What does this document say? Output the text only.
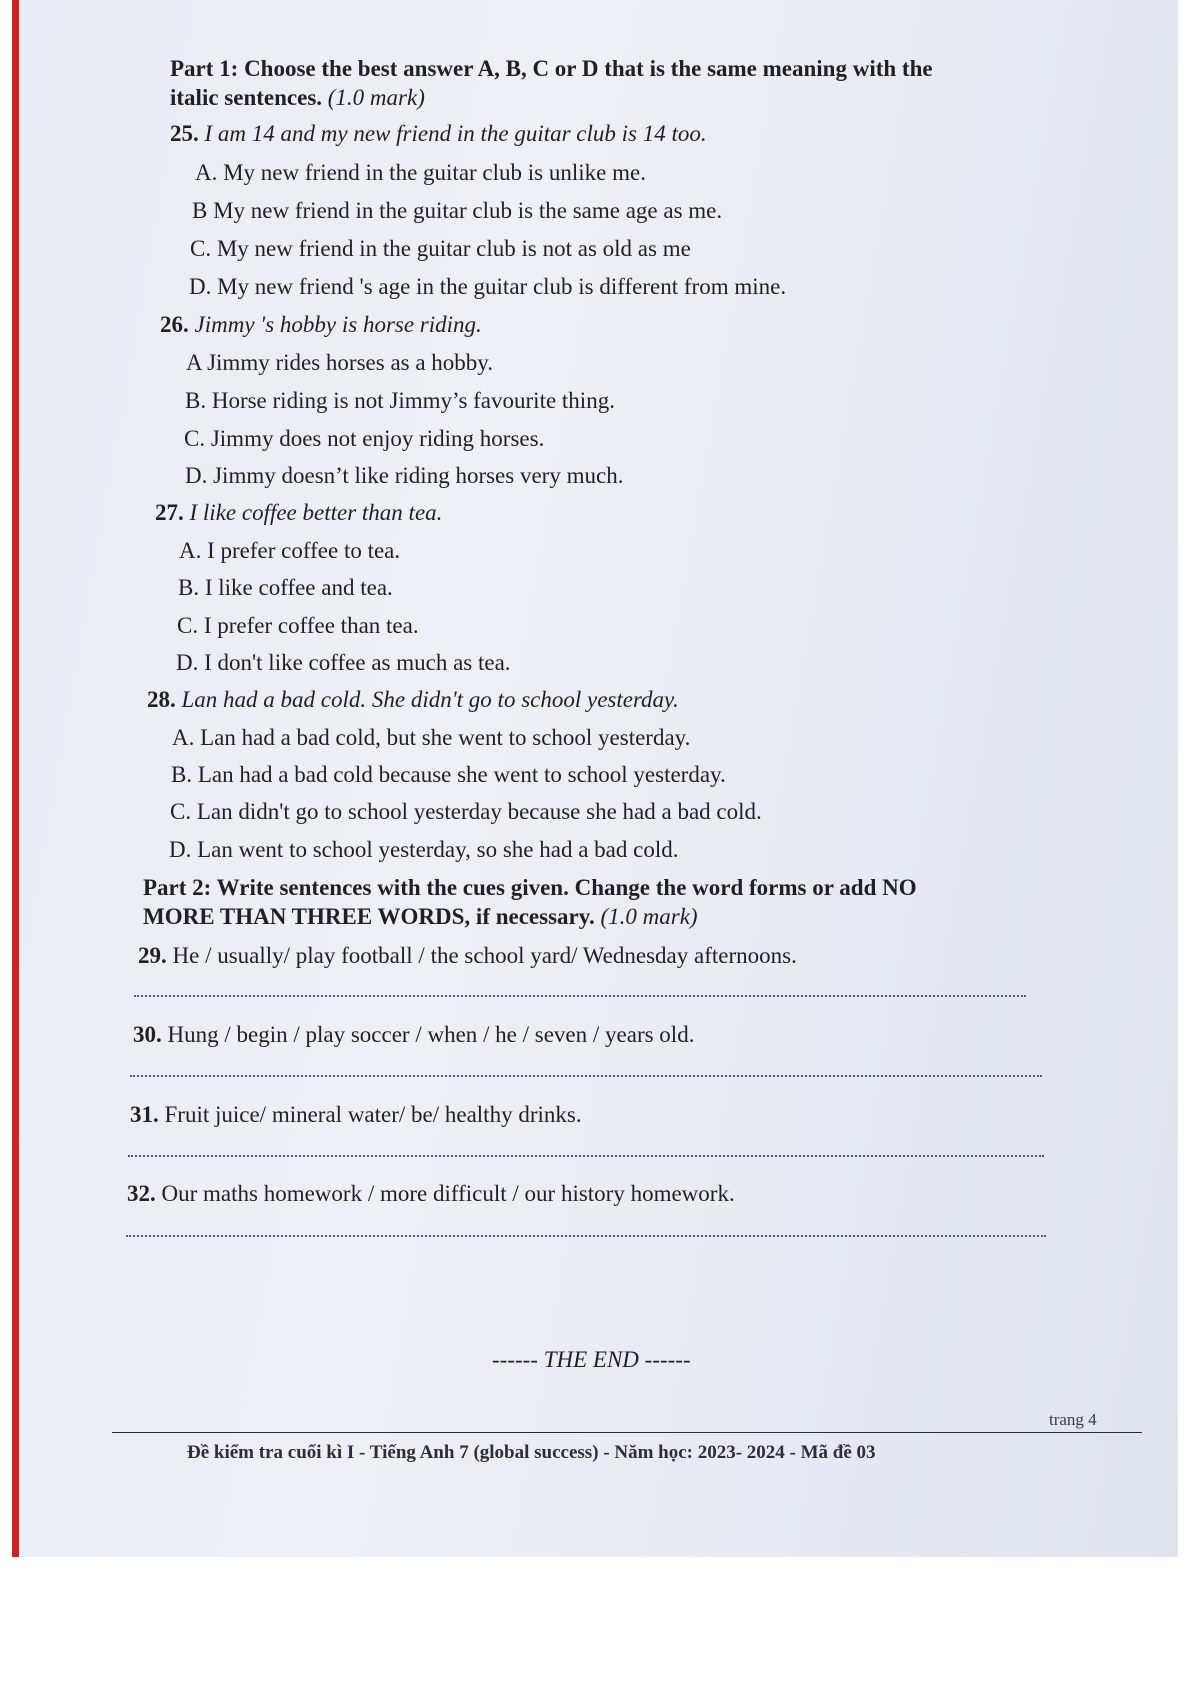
Part 1: Choose the best answer A, B, C or D that is the same meaning with the
italic sentences. (1.0 mark)
25. I am 14 and my new friend in the guitar club is 14 too.
A. My new friend in the guitar club is unlike me.
B My new friend in the guitar club is the same age as me.
C. My new friend in the guitar club is not as old as me
D. My new friend 's age in the guitar club is different from mine.
26. Jimmy 's hobby is horse riding.
A Jimmy rides horses as a hobby.
B. Horse riding is not Jimmy’s favourite thing.
C. Jimmy does not enjoy riding horses.
D. Jimmy doesn’t like riding horses very much.
27. I like coffee better than tea.
A. I prefer coffee to tea.
B. I like coffee and tea.
C. I prefer coffee than tea.
D. I don't like coffee as much as tea.
28. Lan had a bad cold. She didn't go to school yesterday.
A. Lan had a bad cold, but she went to school yesterday.
B. Lan had a bad cold because she went to school yesterday.
C. Lan didn't go to school yesterday because she had a bad cold.
D. Lan went to school yesterday, so she had a bad cold.
Part 2: Write sentences with the cues given. Change the word forms or add NO
MORE THAN THREE WORDS, if necessary. (1.0 mark)
29. He / usually/ play football / the school yard/ Wednesday afternoons.
30. Hung / begin / play soccer / when / he / seven / years old.
31. Fruit juice/ mineral water/ be/ healthy drinks.
32. Our maths homework / more difficult / our history homework.
------ THE END ------
trang 4
Đề kiểm tra cuối kì I - Tiếng Anh 7 (global success) - Năm học: 2023- 2024 - Mã đề 03
